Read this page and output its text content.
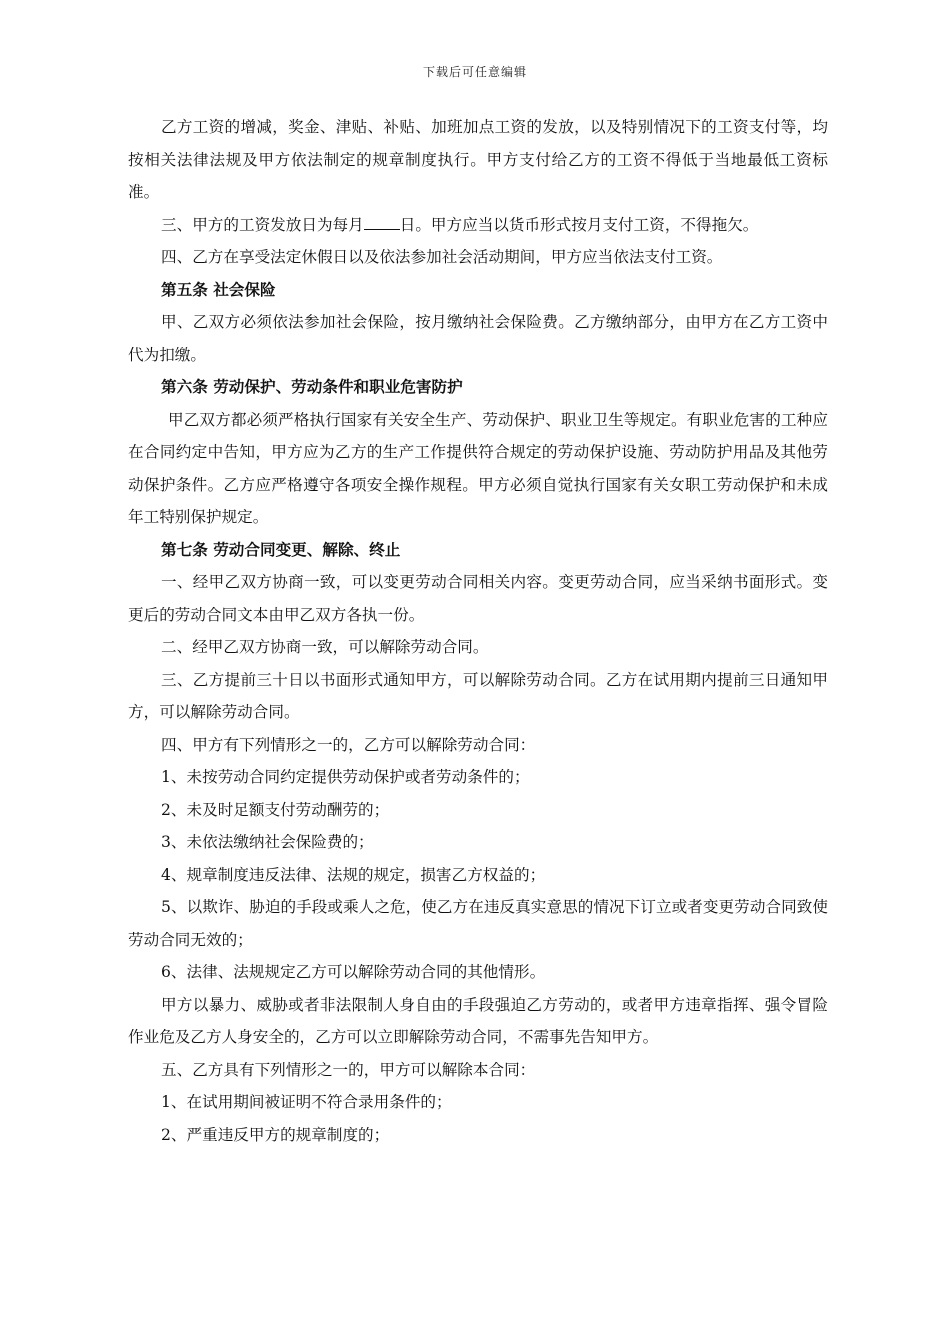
下载后可任意编辑

乙方工资的增减，奖金、津贴、补贴、加班加点工资的发放，以及特别情况下的工资支付等，均按相关法律法规及甲方依法制定的规章制度执行。甲方支付给乙方的工资不得低于当地最低工资标准。

三、甲方的工资发放日为每月 日。甲方应当以货币形式按月支付工资，不得拖欠。

四、乙方在享受法定休假日以及依法参加社会活动期间，甲方应当依法支付工资。

第五条 社会保险

甲、乙双方必须依法参加社会保险，按月缴纳社会保险费。乙方缴纳部分，由甲方在乙方工资中代为扣缴。

第六条 劳动保护、劳动条件和职业危害防护

甲乙双方都必须严格执行国家有关安全生产、劳动保护、职业卫生等规定。有职业危害的工种应在合同约定中告知，甲方应为乙方的生产工作提供符合规定的劳动保护设施、劳动防护用品及其他劳动保护条件。乙方应严格遵守各项安全操作规程。甲方必须自觉执行国家有关女职工劳动保护和未成年工特别保护规定。

第七条 劳动合同变更、解除、终止

一、经甲乙双方协商一致，可以变更劳动合同相关内容。变更劳动合同，应当采纳书面形式。变更后的劳动合同文本由甲乙双方各执一份。

二、经甲乙双方协商一致，可以解除劳动合同。

三、乙方提前三十日以书面形式通知甲方，可以解除劳动合同。乙方在试用期内提前三日通知甲方，可以解除劳动合同。

四、甲方有下列情形之一的，乙方可以解除劳动合同：

1、未按劳动合同约定提供劳动保护或者劳动条件的；

2、未及时足额支付劳动酬劳的；

3、未依法缴纳社会保险费的；

4、规章制度违反法律、法规的规定，损害乙方权益的；

5、以欺诈、胁迫的手段或乘人之危，使乙方在违反真实意思的情况下订立或者变更劳动合同致使劳动合同无效的；

6、法律、法规规定乙方可以解除劳动合同的其他情形。

甲方以暴力、威胁或者非法限制人身自由的手段强迫乙方劳动的，或者甲方违章指挥、强令冒险作业危及乙方人身安全的，乙方可以立即解除劳动合同，不需事先告知甲方。

五、乙方具有下列情形之一的，甲方可以解除本合同：

1、在试用期间被证明不符合录用条件的；

2、严重违反甲方的规章制度的；
